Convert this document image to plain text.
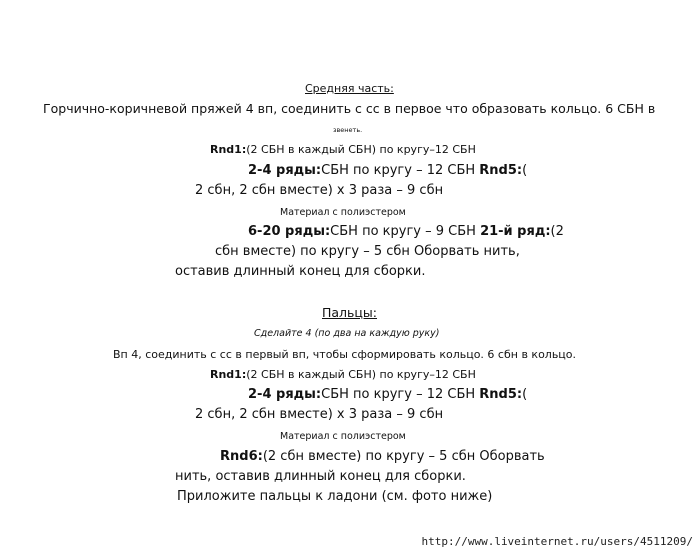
Средняя часть:
Горчично-коричневой пряжей 4 вп, соединить с сс в первое что образовать кольцо. 6 СБН в
звенеть.
Rnd1:(2 СБН в каждый СБН) по кругу–12 СБН
2-4 ряды:СБН по кругу – 12 СБН Rnd5:(
2 сбн, 2 сбн вместе) х 3 раза – 9 сбн
Материал с полиэстером
6-20 ряды:СБН по кругу – 9 СБН 21-й ряд:(2
сбн вместе) по кругу – 5 сбн Оборвать нить,
оставив длинный конец для сборки.
Пальцы:
Сделайте 4 (по два на каждую руку)
Вп 4, соединить с сс в первый вп, чтобы сформировать кольцо. 6 сбн в кольцо.
Rnd1:(2 СБН в каждый СБН) по кругу–12 СБН
2-4 ряды:СБН по кругу – 12 СБН Rnd5:(
2 сбн, 2 сбн вместе) х 3 раза – 9 сбн
Материал с полиэстером
Rnd6:(2 сбн вместе) по кругу – 5 сбн Оборвать
нить, оставив длинный конец для сборки.
Приложите пальцы к ладони (см. фото ниже)
http://www.liveinternet.ru/users/4511209/
